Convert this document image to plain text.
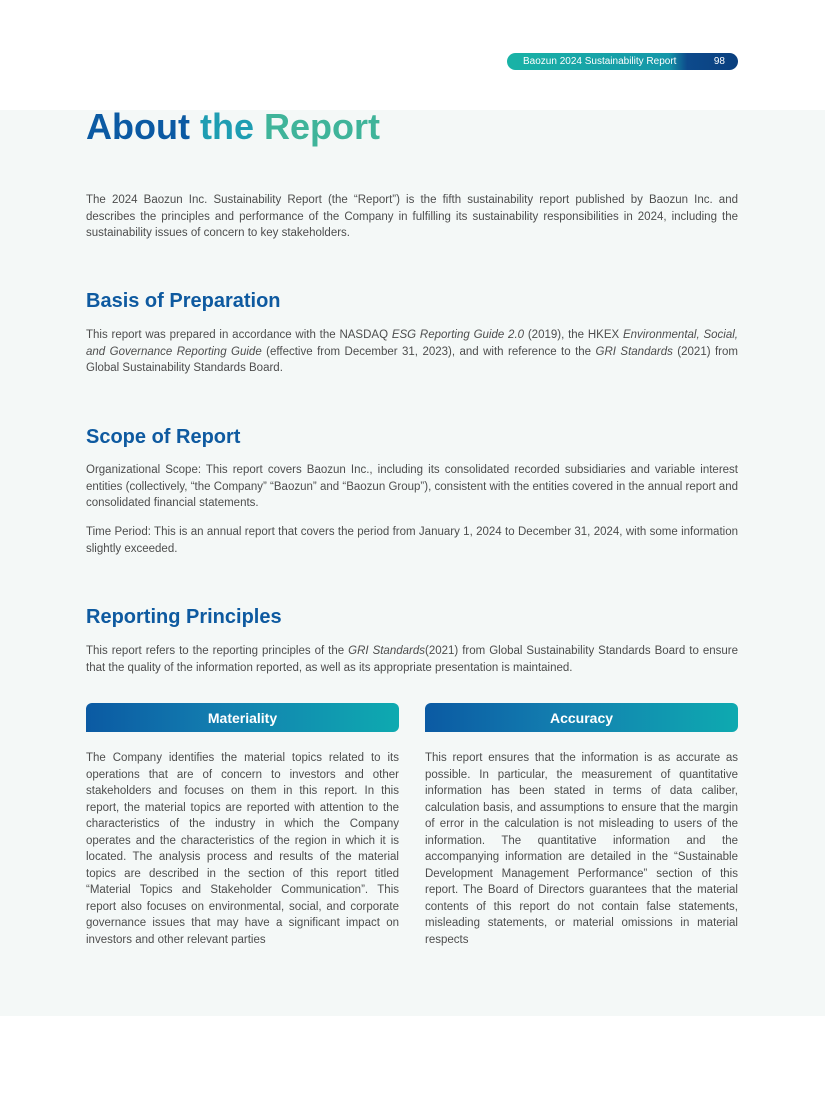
Baozun 2024 Sustainability Report	98
About the Report

The 2024 Baozun Inc. Sustainability Report (the “Report”) is the fifth sustainability report published by Baozun Inc. and describes the principles and performance of the Company in fulfilling its sustainability responsibilities in 2024, including the sustainability issues of concern to key stakeholders.

Basis of Preparation

This report was prepared in accordance with the NASDAQ ESG Reporting Guide 2.0 (2019), the HKEX Environmental, Social, and Governance Reporting Guide (effective from December 31, 2023), and with reference to the GRI Standards (2021) from Global Sustainability Standards Board.

Scope of Report

Organizational Scope: This report covers Baozun Inc., including its consolidated recorded subsidiaries and variable interest entities (collectively, “the Company” “Baozun” and “Baozun Group”), consistent with the entities covered in the annual report and consolidated financial statements.

Time Period: This is an annual report that covers the period from January 1, 2024 to December 31, 2024, with some information slightly exceeded.

Reporting Principles

This report refers to the reporting principles of the GRI Standards(2021) from Global Sustainability Standards Board to ensure that the quality of the information reported, as well as its appropriate presentation is maintained.

Materiality	Accuracy

The Company identifies the material topics related to its operations that are of concern to investors and other stakeholders and focuses on them in this report. In this report, the material topics are reported with attention to the characteristics of the industry in which the Company operates and the characteristics of the region in which it is located. The analysis process and results of the material topics are described in the section of this report titled “Material Topics and Stakeholder Communication”. This report also focuses on environmental, social, and corporate governance issues that may have a significant impact on investors and other relevant parties

This report ensures that the information is as accurate as possible. In particular, the measurement of quantitative information has been stated in terms of data caliber, calculation basis, and assumptions to ensure that the margin of error in the calculation is not misleading to users of the information. The quantitative information and the accompanying information are detailed in the “Sustainable Development Management Performance” section of this report. The Board of Directors guarantees that the material contents of this report do not contain false statements, misleading statements, or material omissions in material respects
